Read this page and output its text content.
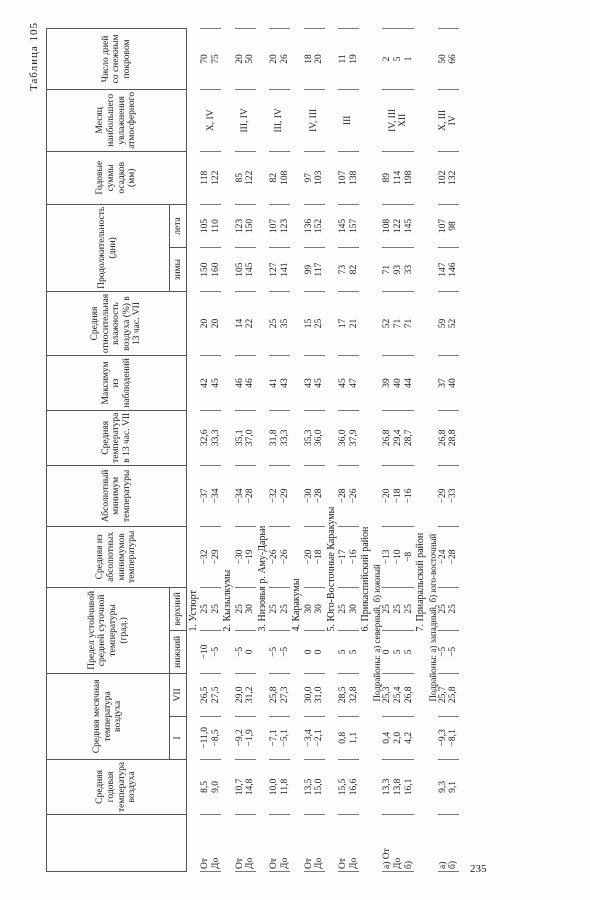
Таблица 105
	Средняя годовая температура воздуха	Средняя месячная температура воздуха		Предел устойчивой средней суточной температуры (град.)		Средняя из абсолютных минимумов температуры	Абсолютный минимум температуры	Средняя температура в 13 час. VII	Максимум из наблюдений	Средняя относительная влажность воздуха (%) в 13 час. VII	Продолжительность (дни)		Годовые суммы осадков (мм)	Месяц наибольшего увлажнения атмосферного	Число дней со снежным покровом
		I	VII	нижний	верхний						зимы	лета			
1. Устюрт															

От До	8,5 9,0	−11,0 −8,5	26,5 27,5	−10 −5	25 25	−32 −29	−37 −34	32,6 33,3	42 45	20 20	150 160	105 110	118 122	X, IV	70 75

2. Кызылкумы															

От До	10,7 14,8	−9,2 −1,9	29,0 31,2	−5 0	25 30	−30 −19	−34 −28	35,1 37,0	46 46	14 22	105 145	123 150	85 122	III, IV	20 50

3. Низовья р. Аму-Дарьи															

От До	10,0 11,8	−7,1 −5,1	25,8 27,3	−5 −5	25 25	−26 −26	−32 −29	31,8 33,3	41 43	25 35	127 141	107 123	82 108	III, IV	20 26

4. Каракумы															

От До	13,5 15,0	−3,4 −2,1	30,0 31,0	0 0	30 30	−20 −18	−30 −28	35,3 36,0	43 45	15 25	99 117	136 152	97 103	IV, III	18 20

5. Юго-Восточные Каракумы															

От До	15,5 16,6	0,8 1,1	28,5 32,8	5 5	25 30	−17 −16	−28 −26	36,0 37,9	45 47	17 21	73 82	145 157	107 138	III	11 19

6. Прикаспийский район															
Подрайоны: а) северный, б) южный															

а) От До б)	13,3 13,8 16,1	0,4 2,0 4,2	25,3 25,4 26,8	0 5 5	25 25 25	−13 −10 −8	−20 −18 −16	26,8 29,4 28,7	39 40 44	52 71 71	71 93 33	108 122 145	89 114 198	IV, III XII	2 5 1

7. Приаральский район															
Подрайоны: а) западный, б) юго-восточный															

а) б)	9,3 9,1	−9,3 −8,1	25,7 25,8	−5 −5	25 25	−24 −28	−29 −33	26,8 28,8	37 40	59 52	147 146	107 98	102 132	X, III IV	50 66
235
